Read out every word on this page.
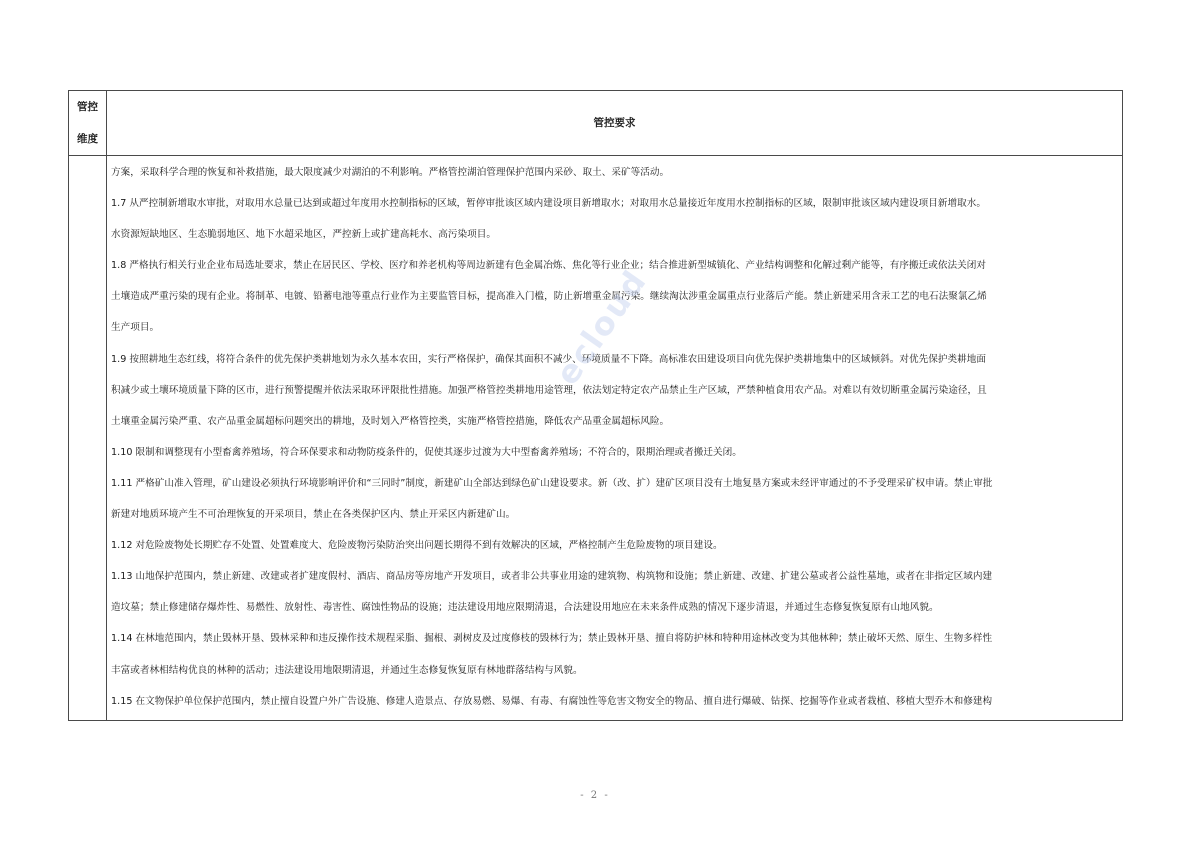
管控
维度
管控要求
方案，采取科学合理的恢复和补救措施，最大限度减少对湖泊的不利影响。严格管控湖泊管理保护范围内采砂、取土、采矿等活动。
1.7 从严控制新增取水审批，对取用水总量已达到或超过年度用水控制指标的区域，暂停审批该区域内建设项目新增取水；对取用水总量接近年度用水控制指标的区域，限制审批该区域内建设项目新增取水。
水资源短缺地区、生态脆弱地区、地下水超采地区，严控新上或扩建高耗水、高污染项目。
1.8 严格执行相关行业企业布局选址要求，禁止在居民区、学校、医疗和养老机构等周边新建有色金属冶炼、焦化等行业企业；结合推进新型城镇化、产业结构调整和化解过剩产能等，有序搬迁或依法关闭对
土壤造成严重污染的现有企业。将制革、电镀、铅蓄电池等重点行业作为主要监管目标，提高准入门槛，防止新增重金属污染。继续淘汰涉重金属重点行业落后产能。禁止新建采用含汞工艺的电石法聚氯乙烯
生产项目。
1.9 按照耕地生态红线，将符合条件的优先保护类耕地划为永久基本农田，实行严格保护，确保其面积不减少、环境质量不下降。高标准农田建设项目向优先保护类耕地集中的区域倾斜。对优先保护类耕地面
积减少或土壤环境质量下降的区市，进行预警提醒并依法采取环评限批性措施。加强严格管控类耕地用途管理，依法划定特定农产品禁止生产区域，严禁种植食用农产品。对难以有效切断重金属污染途径，且
土壤重金属污染严重、农产品重金属超标问题突出的耕地，及时划入严格管控类，实施严格管控措施，降低农产品重金属超标风险。
1.10 限制和调整现有小型畜禽养殖场，符合环保要求和动物防疫条件的，促使其逐步过渡为大中型畜禽养殖场；不符合的，限期治理或者搬迁关闭。
1.11 严格矿山准入管理，矿山建设必须执行环境影响评价和“三同时”制度，新建矿山全部达到绿色矿山建设要求。新（改、扩）建矿区项目没有土地复垦方案或未经评审通过的不予受理采矿权申请。禁止审批
新建对地质环境产生不可治理恢复的开采项目，禁止在各类保护区内、禁止开采区内新建矿山。
1.12 对危险废物处长期贮存不处置、处置难度大、危险废物污染防治突出问题长期得不到有效解决的区域，严格控制产生危险废物的项目建设。
1.13 山地保护范围内，禁止新建、改建或者扩建度假村、酒店、商品房等房地产开发项目，或者非公共事业用途的建筑物、构筑物和设施；禁止新建、改建、扩建公墓或者公益性墓地，或者在非指定区域内建
造坟墓；禁止修建储存爆炸性、易燃性、放射性、毒害性、腐蚀性物品的设施；违法建设用地应限期清退，合法建设用地应在未来条件成熟的情况下逐步清退，并通过生态修复恢复原有山地风貌。
1.14 在林地范围内，禁止毁林开垦、毁林采种和违反操作技术规程采脂、掘根、剥树皮及过度修枝的毁林行为；禁止毁林开垦、擅自将防护林和特种用途林改变为其他林种；禁止破坏天然、原生、生物多样性
丰富或者林相结构优良的林种的活动；违法建设用地限期清退，并通过生态修复恢复原有林地群落结构与风貌。
1.15 在文物保护单位保护范围内，禁止擅自设置户外广告设施、修建人造景点、存放易燃、易爆、有毒、有腐蚀性等危害文物安全的物品、擅自进行爆破、钻探、挖掘等作业或者栽植、移植大型乔木和修建构
ecloud
- 2 -
